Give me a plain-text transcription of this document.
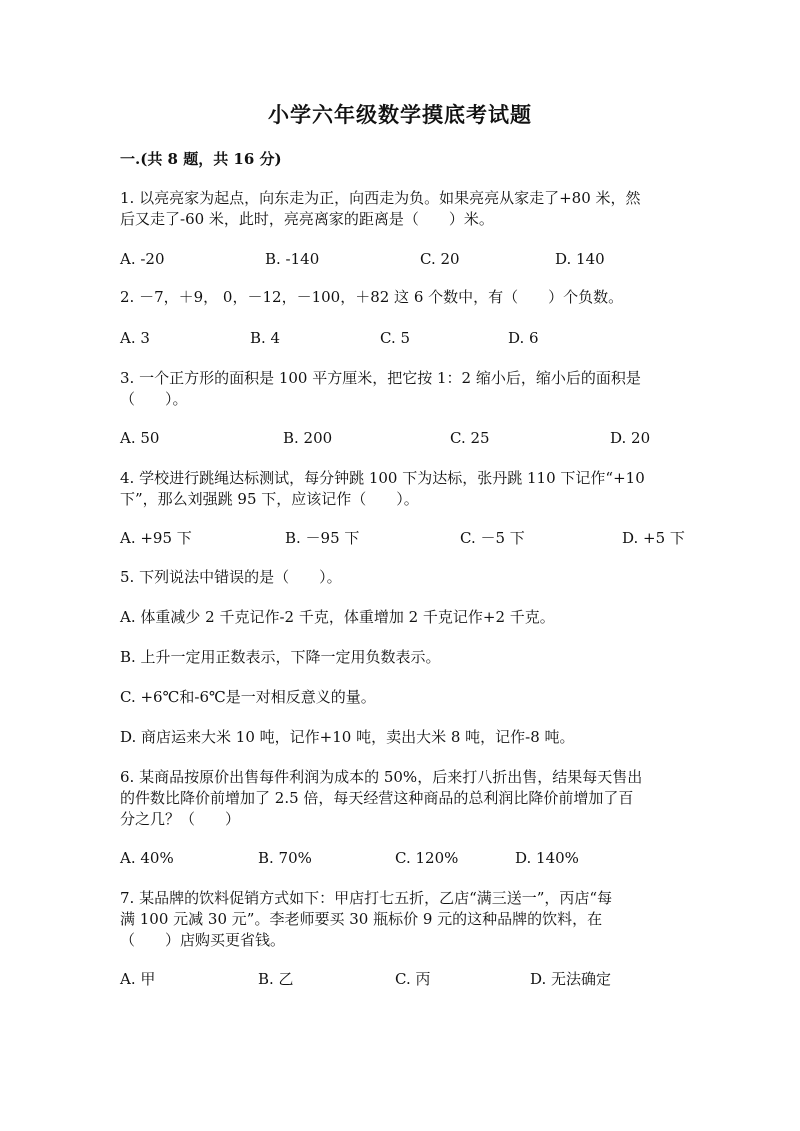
小学六年级数学摸底考试题
一.(共 8 题，共 16 分)
1. 以亮亮家为起点，向东走为正，向西走为负。如果亮亮从家走了+80 米，然
后又走了-60 米，此时，亮亮离家的距离是（　　）米。
A. -20	B. -140	C. 20	D. 140
2. －7，＋9， 0，－12，－100，＋82 这 6 个数中，有（　　）个负数。
A. 3	B. 4	C. 5	D. 6
3. 一个正方形的面积是 100 平方厘米，把它按 1：2 缩小后，缩小后的面积是
（　　）。
A. 50	B. 200	C. 25	D. 20
4. 学校进行跳绳达标测试，每分钟跳 100 下为达标，张丹跳 110 下记作“+10
下”，那么刘强跳 95 下，应该记作（　　）。
A. +95 下	B. －95 下	C. －5 下	D. +5 下
5. 下列说法中错误的是（　　）。
A. 体重减少 2 千克记作-2 千克，体重增加 2 千克记作+2 千克。
B. 上升一定用正数表示，下降一定用负数表示。
C. +6℃和-6℃是一对相反意义的量。
D. 商店运来大米 10 吨，记作+10 吨，卖出大米 8 吨，记作-8 吨。
6. 某商品按原价出售每件利润为成本的 50%，后来打八折出售，结果每天售出
的件数比降价前增加了 2.5 倍，每天经营这种商品的总利润比降价前增加了百
分之几？（　　）
A. 40%	B. 70%	C. 120%	D. 140%
7. 某品牌的饮料促销方式如下：甲店打七五折，乙店“满三送一”，丙店“每
满 100 元减 30 元”。李老师要买 30 瓶标价 9 元的这种品牌的饮料，在
（　　）店购买更省钱。
A. 甲	B. 乙	C. 丙	D. 无法确定
